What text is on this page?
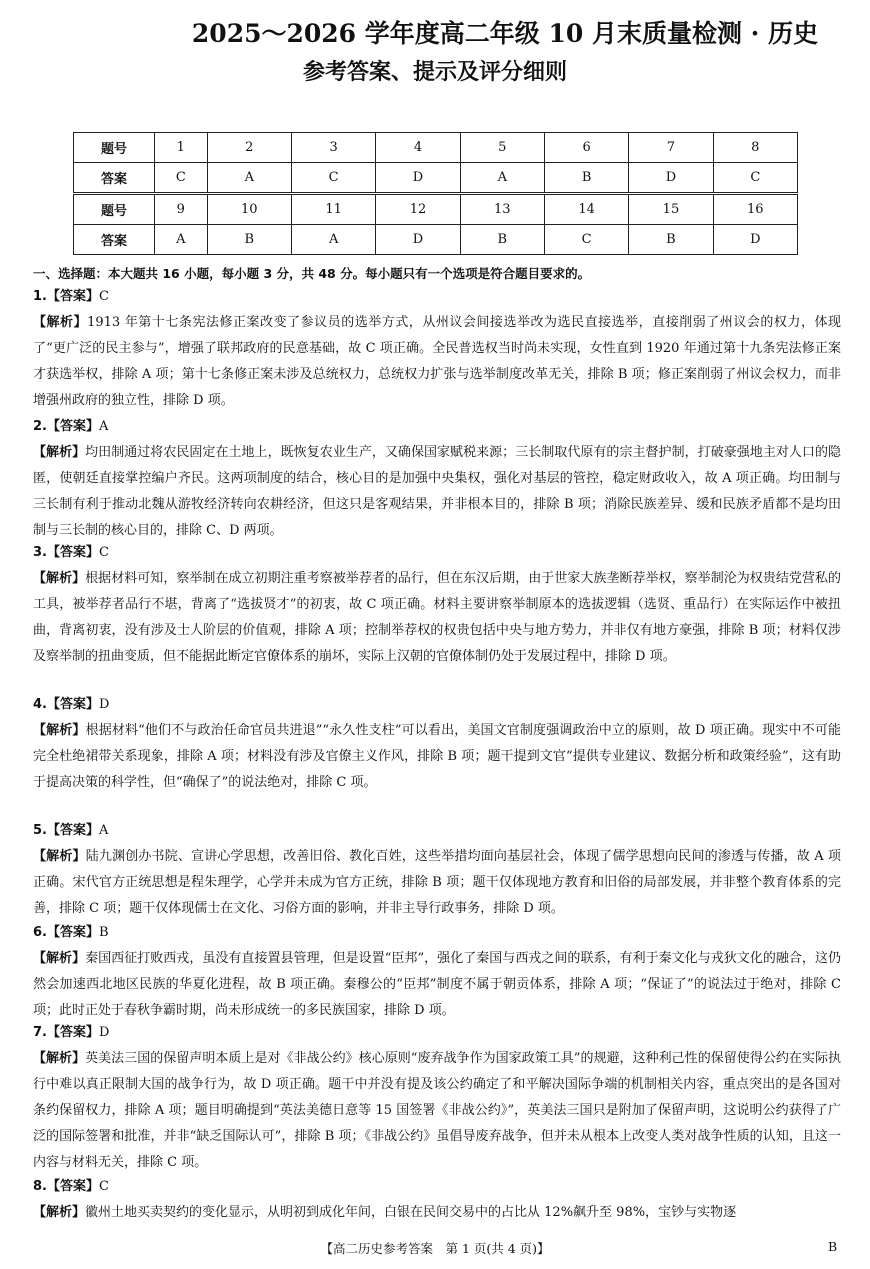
2025～2026 学年度高二年级 10 月末质量检测 · 历史
参考答案、提示及评分细则
题号	1	2	3	4	5	6	7	8
答案	C	A	C	D	A	B	D	C
题号	9	10	11	12	13	14	15	16
答案	A	B	A	D	B	C	B	D
一、选择题：本大题共 16 小题，每小题 3 分，共 48 分。每小题只有一个选项是符合题目要求的。
1.【答案】C

【解析】1913 年第十七条宪法修正案改变了参议员的选举方式，从州议会间接选举改为选民直接选举，直接削弱了州议会的权力，体现了“更广泛的民主参与”，增强了联邦政府的民意基础，故 C 项正确。全民普选权当时尚未实现，女性直到 1920 年通过第十九条宪法修正案才获选举权，排除 A 项；第十七条修正案未涉及总统权力，总统权力扩张与选举制度改革无关，排除 B 项；修正案削弱了州议会权力，而非增强州政府的独立性，排除 D 项。

2.【答案】A

【解析】均田制通过将农民固定在土地上，既恢复农业生产，又确保国家赋税来源；三长制取代原有的宗主督护制，打破豪强地主对人口的隐匿，使朝廷直接掌控编户齐民。这两项制度的结合，核心目的是加强中央集权，强化对基层的管控，稳定财政收入，故 A 项正确。均田制与三长制有利于推动北魏从游牧经济转向农耕经济，但这只是客观结果，并非根本目的，排除 B 项；消除民族差异、缓和民族矛盾都不是均田制与三长制的核心目的，排除 C、D 两项。

3.【答案】C

【解析】根据材料可知，察举制在成立初期注重考察被举荐者的品行，但在东汉后期，由于世家大族垄断荐举权，察举制沦为权贵结党营私的工具，被举荐者品行不堪，背离了“选拔贤才”的初衷，故 C 项正确。材料主要讲察举制原本的选拔逻辑（选贤、重品行）在实际运作中被扭曲，背离初衷，没有涉及士人阶层的价值观，排除 A 项；控制举荐权的权贵包括中央与地方势力，并非仅有地方豪强，排除 B 项；材料仅涉及察举制的扭曲变质，但不能据此断定官僚体系的崩坏，实际上汉朝的官僚体制仍处于发展过程中，排除 D 项。

4.【答案】D

【解析】根据材料“他们不与政治任命官员共进退”“永久性支柱”可以看出，美国文官制度强调政治中立的原则，故 D 项正确。现实中不可能完全杜绝裙带关系现象，排除 A 项；材料没有涉及官僚主义作风，排除 B 项；题干提到文官“提供专业建议、数据分析和政策经验”，这有助于提高决策的科学性，但“确保了”的说法绝对，排除 C 项。

5.【答案】A

【解析】陆九渊创办书院、宣讲心学思想，改善旧俗、教化百姓，这些举措均面向基层社会，体现了儒学思想向民间的渗透与传播，故 A 项正确。宋代官方正统思想是程朱理学，心学并未成为官方正统，排除 B 项；题干仅体现地方教育和旧俗的局部发展，并非整个教育体系的完善，排除 C 项；题干仅体现儒士在文化、习俗方面的影响，并非主导行政事务，排除 D 项。

6.【答案】B

【解析】秦国西征打败西戎，虽没有直接置县管理，但是设置“臣邦”，强化了秦国与西戎之间的联系，有利于秦文化与戎狄文化的融合，这仍然会加速西北地区民族的华夏化进程，故 B 项正确。秦穆公的“臣邦”制度不属于朝贡体系，排除 A 项；“保证了”的说法过于绝对，排除 C 项；此时正处于春秋争霸时期，尚未形成统一的多民族国家，排除 D 项。

7.【答案】D

【解析】英美法三国的保留声明本质上是对《非战公约》核心原则“废弃战争作为国家政策工具”的规避，这种利己性的保留使得公约在实际执行中难以真正限制大国的战争行为，故 D 项正确。题干中并没有提及该公约确定了和平解决国际争端的机制相关内容，重点突出的是各国对条约保留权力，排除 A 项；题目明确提到“英法美德日意等 15 国签署《非战公约》”，英美法三国只是附加了保留声明，这说明公约获得了广泛的国际签署和批准，并非“缺乏国际认可”，排除 B 项；《非战公约》虽倡导废弃战争，但并未从根本上改变人类对战争性质的认知，且这一内容与材料无关，排除 C 项。

8.【答案】C

【解析】徽州土地买卖契约的变化显示，从明初到成化年间，白银在民间交易中的占比从 12%飙升至 98%，宝钞与实物逐

【高二历史参考答案　第 1 页(共 4 页)】	B
